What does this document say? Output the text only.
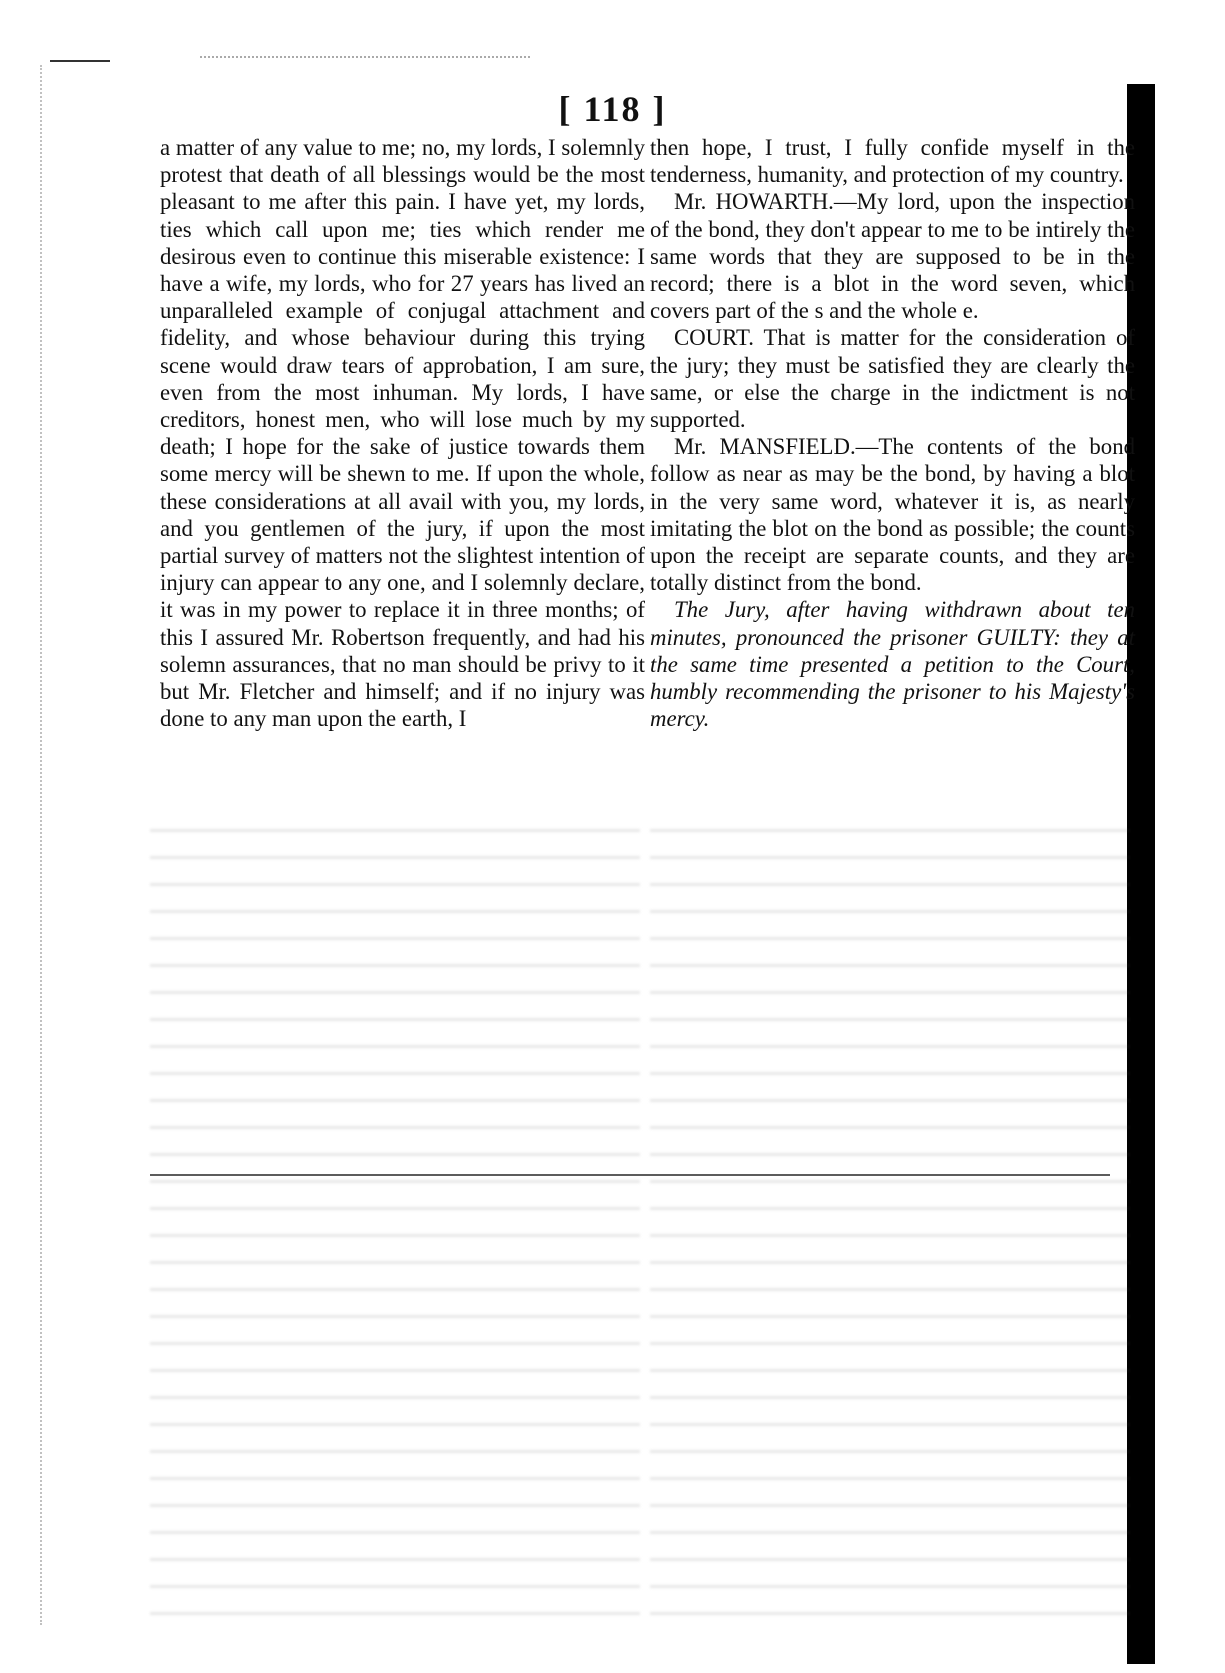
[ 118 ]

a matter of any value to me; no, my lords, I solemnly protest that death of all blessings would be the most pleasant to me after this pain. I have yet, my lords, ties which call upon me; ties which render me desirous even to continue this miserable existence: I have a wife, my lords, who for 27 years has lived an unparalleled example of conjugal attachment and fidelity, and whose behaviour during this trying scene would draw tears of approbation, I am sure, even from the most inhuman. My lords, I have creditors, honest men, who will lose much by my death; I hope for the sake of justice towards them some mercy will be shewn to me. If upon the whole, these considerations at all avail with you, my lords, and you gentlemen of the jury, if upon the most partial survey of matters not the slightest intention of injury can appear to any one, and I solemnly declare, it was in my power to replace it in three months; of this I assured Mr. Robertson frequently, and had his solemn assurances, that no man should be privy to it but Mr. Fletcher and himself; and if no injury was done to any man upon the earth, I

then hope, I trust, I fully confide myself in the tenderness, humanity, and protection of my country.

Mr. HOWARTH.—My lord, upon the inspection of the bond, they don't appear to me to be intirely the same words that they are supposed to be in the record; there is a blot in the word seven, which covers part of the s and the whole e.

COURT. That is matter for the consideration of the jury; they must be satisfied they are clearly the same, or else the charge in the indictment is not supported.

Mr. MANSFIELD.—The contents of the bond follow as near as may be the bond, by having a blot in the very same word, whatever it is, as nearly imitating the blot on the bond as possible; the counts upon the receipt are separate counts, and they are totally distinct from the bond.

The Jury, after having withdrawn about ten minutes, pronounced the prisoner GUILTY: they at the same time presented a petition to the Court, humbly recommending the prisoner to his Majesty's mercy.
